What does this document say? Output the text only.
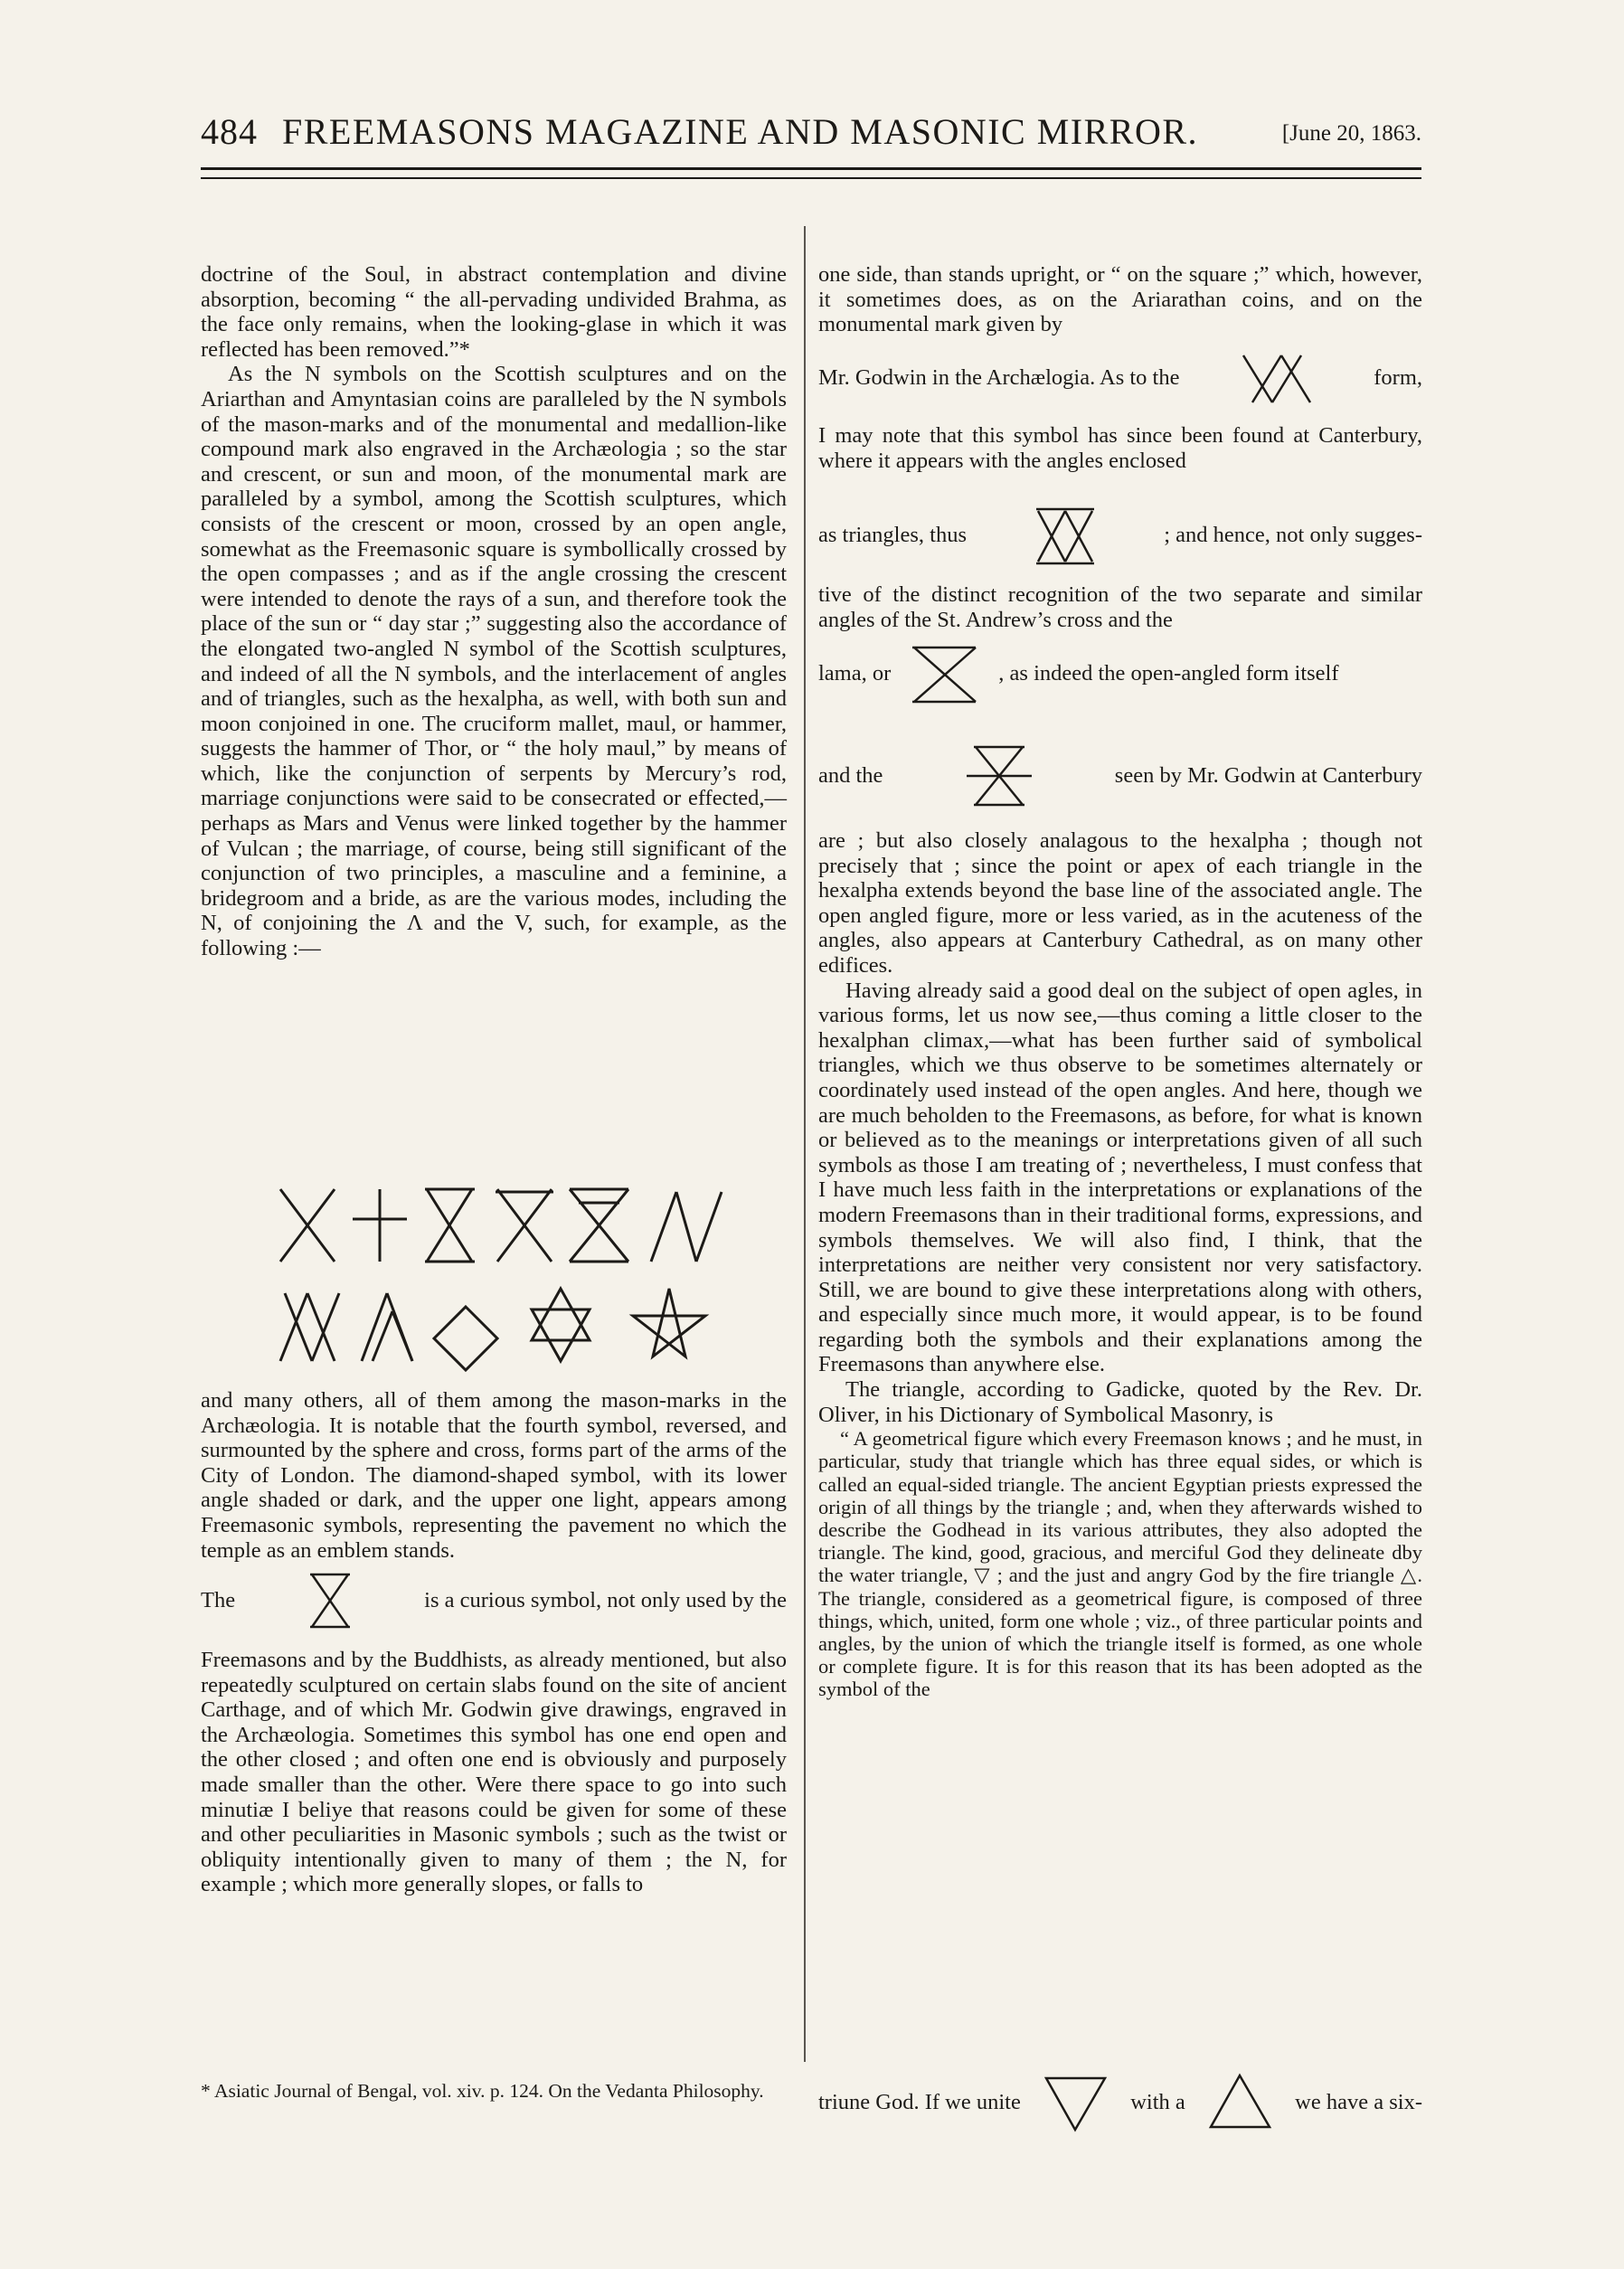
484 FREEMASONS MAGAZINE AND MASONIC MIRROR.	[June 20, 1863.

doctrine of the Soul, in abstract contemplation and divine absorption, becoming “ the all-pervading undivided Brahma, as the face only remains, when the looking-glase in which it was reflected has been removed.”*

As the N symbols on the Scottish sculptures and on the Ariarthan and Amyntasian coins are paralleled by the N symbols of the mason-marks and of the monumental and medallion-like compound mark also engraved in the Archæologia ; so the star and crescent, or sun and moon, of the monumental mark are paralleled by a symbol, among the Scottish sculptures, which consists of the crescent or moon, crossed by an open angle, somewhat as the Freemasonic square is symbollically crossed by the open compasses ; and as if the angle crossing the crescent were intended to denote the rays of a sun, and therefore took the place of the sun or “ day star ;” suggesting also the accordance of the elongated two-angled N symbol of the Scottish sculptures, and indeed of all the N symbols, and the interlacement of angles and of triangles, such as the hexalpha, as well, with both sun and moon conjoined in one. The cruciform mallet, maul, or hammer, suggests the hammer of Thor, or “ the holy maul,” by means of which, like the conjunction of serpents by Mercury’s rod, marriage conjunctions were said to be consecrated or effected,—perhaps as Mars and Venus were linked together by the hammer of Vulcan ; the marriage, of course, being still significant of the conjunction of two principles, a masculine and a feminine, a bridegroom and a bride, as are the various modes, including the N, of conjoining the Λ and the V, such, for example, as the following :—

and many others, all of them among the mason-marks in the Archæologia. It is notable that the fourth symbol, reversed, and surmounted by the sphere and cross, forms part of the arms of the City of London. The diamond-shaped symbol, with its lower angle shaded or dark, and the upper one light, appears among Freemasonic symbols, representing the pavement no which the temple as an emblem stands.

The	is a curious symbol, not only used by the

Freemasons and by the Buddhists, as already mentioned, but also repeatedly sculptured on certain slabs found on the site of ancient Carthage, and of which Mr. Godwin give drawings, engraved in the Archæologia. Sometimes this symbol has one end open and the other closed ; and often one end is obviously and purposely made smaller than the other. Were there space to go into such minutiæ I beliye that reasons could be given for some of these and other peculiarities in Masonic symbols ; such as the twist or obliquity intentionally given to many of them ; the N, for example ; which more generally slopes, or falls to

* Asiatic Journal of Bengal, vol. xiv. p. 124. On the Vedanta Philosophy.

one side, than stands upright, or “ on the square ;” which, however, it sometimes does, as on the Ariarathan coins, and on the monumental mark given by

Mr. Godwin in the Archælogia. As to the	form,

I may note that this symbol has since been found at Canterbury, where it appears with the angles enclosed

as triangles, thus	; and hence, not only sugges-

tive of the distinct recognition of the two separate and similar angles of the St. Andrew’s cross and the

lama, or	, as indeed the open-angled form itself
and the	seen by Mr. Godwin at Canterbury

are ; but also closely analagous to the hexalpha ; though not precisely that ; since the point or apex of each triangle in the hexalpha extends beyond the base line of the associated angle. The open angled figure, more or less varied, as in the acuteness of the angles, also appears at Canterbury Cathedral, as on many other edifices.

Having already said a good deal on the subject of open agles, in various forms, let us now see,—thus coming a little closer to the hexalphan climax,—what has been further said of symbolical triangles, which we thus observe to be sometimes alternately or coordinately used instead of the open angles. And here, though we are much beholden to the Freemasons, as before, for what is known or believed as to the meanings or interpretations given of all such symbols as those I am treating of ; nevertheless, I must confess that I have much less faith in the interpretations or explanations of the modern Freemasons than in their traditional forms, expressions, and symbols themselves. We will also find, I think, that the interpretations are neither very consistent nor very satisfactory. Still, we are bound to give these interpretations along with others, and especially since much more, it would appear, is to be found regarding both the symbols and their explanations among the Freemasons than anywhere else.

The triangle, according to Gadicke, quoted by the Rev. Dr. Oliver, in his Dictionary of Symbolical Masonry, is

“ A geometrical figure which every Freemason knows ; and he must, in particular, study that triangle which has three equal sides, or which is called an equal-sided triangle. The ancient Egyptian priests expressed the origin of all things by the triangle ; and, when they afterwards wished to describe the Godhead in its various attributes, they also adopted the triangle. The kind, good, gracious, and merciful God they delineate dby the water triangle, ▽ ; and the just and angry God by the fire triangle △. The triangle, considered as a geometrical figure, is composed of three things, which, united, form one whole ; viz., of three particular points and angles, by the union of which the triangle itself is formed, as one whole or complete figure. It is for this reason that its has been adopted as the symbol of the

triune God. If we unite	with a	we have a six-
